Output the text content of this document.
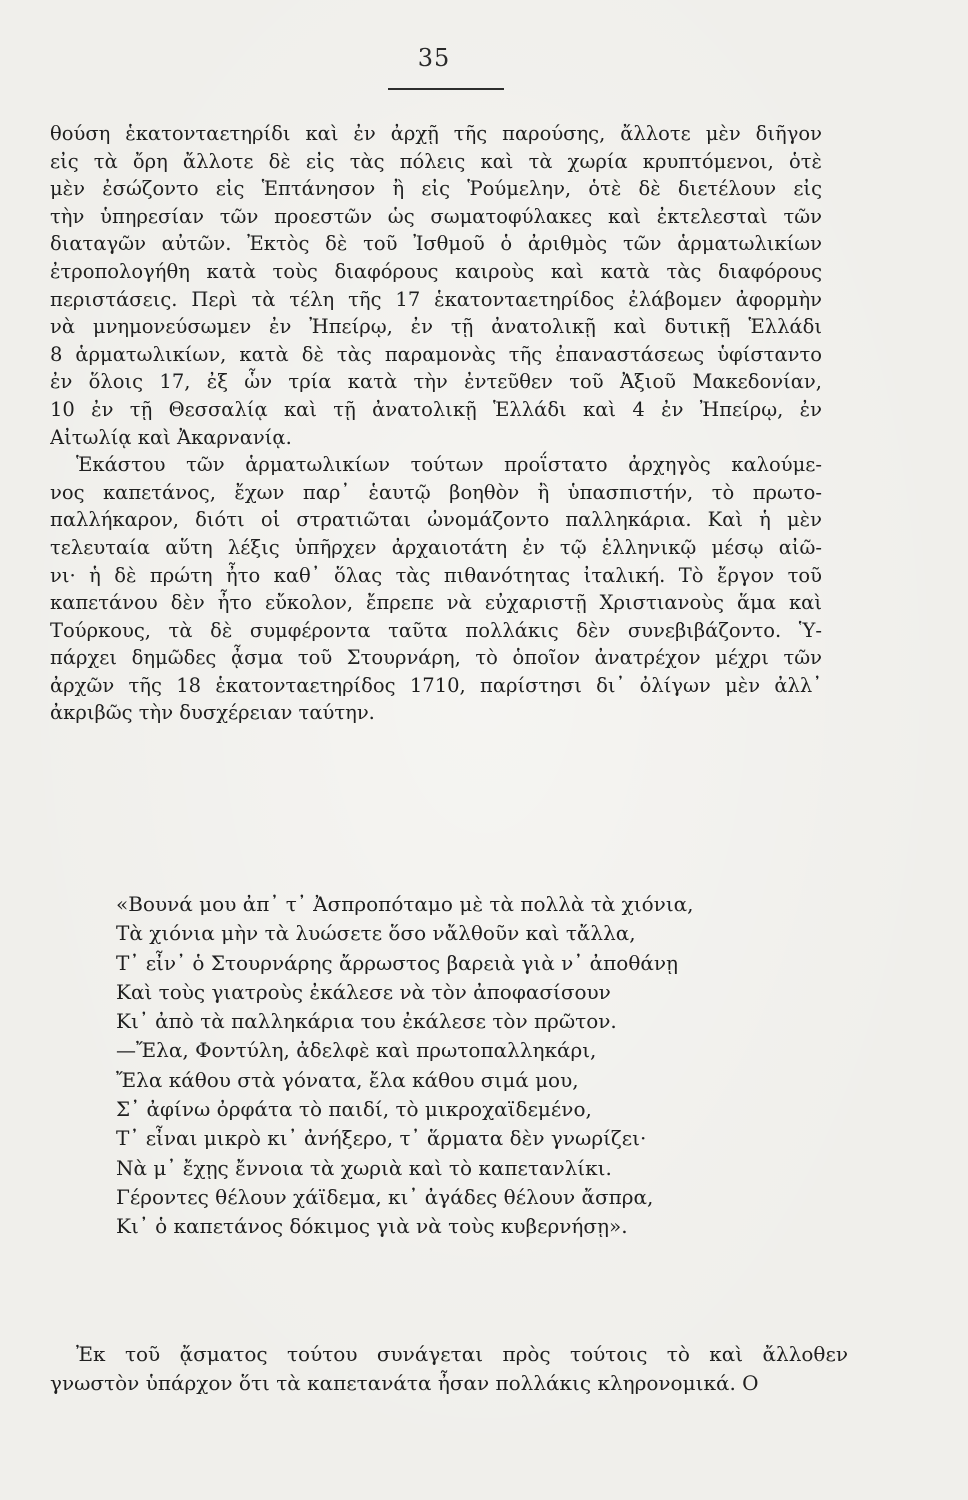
35
θούση ἑκατονταετηρίδι καὶ ἐν ἀρχῇ τῆς παρούσης, ἄλλοτε μὲν διῆγον
εἰς τὰ ὄρη ἄλλοτε δὲ εἰς τὰς πόλεις καὶ τὰ χωρία κρυπτόμενοι, ὁτὲ
μὲν ἐσώζοντο εἰς Ἑπτάνησον ἢ εἰς Ῥούμελην, ὁτὲ δὲ διετέλουν εἰς
τὴν ὑπηρεσίαν τῶν προεστῶν ὡς σωματοφύλακες καὶ ἐκτελεσταὶ τῶν
διαταγῶν αὐτῶν. Ἐκτὸς δὲ τοῦ Ἰσθμοῦ ὁ ἀριθμὸς τῶν ἁρματωλικίων
ἐτροπολογήθη κατὰ τοὺς διαφόρους καιροὺς καὶ κατὰ τὰς διαφόρους
περιστάσεις. Περὶ τὰ τέλη τῆς 17 ἑκατονταετηρίδος ἐλάβομεν ἀφορμὴν
νὰ μνημονεύσωμεν ἐν Ἠπείρῳ, ἐν τῇ ἀνατολικῇ καὶ δυτικῇ Ἑλλάδι
8 ἁρματωλικίων, κατὰ δὲ τὰς παραμονὰς τῆς ἐπαναστάσεως ὑφίσταντο
ἐν ὅλοις 17, ἐξ ὧν τρία κατὰ τὴν ἐντεῦθεν τοῦ Ἀξιοῦ Μακεδονίαν,
10 ἐν τῇ Θεσσαλίᾳ καὶ τῇ ἀνατολικῇ Ἑλλάδι καὶ 4 ἐν Ἠπείρῳ, ἐν
Αἰτωλίᾳ καὶ Ἀκαρνανίᾳ.
Ἑκάστου τῶν ἁρματωλικίων τούτων προΐστατο ἀρχηγὸς καλούμε-
νος καπετάνος, ἔχων παρ᾽ ἑαυτῷ βοηθὸν ἢ ὑπασπιστήν, τὸ πρωτο-
παλλήκαρον, διότι οἱ στρατιῶται ὠνομάζοντο παλληκάρια. Καὶ ἡ μὲν
τελευταία αὕτη λέξις ὑπῆρχεν ἀρχαιοτάτη ἐν τῷ ἑλληνικῷ μέσῳ αἰῶ-
νι· ἡ δὲ πρώτη ἦτο καθ᾽ ὅλας τὰς πιθανότητας ἰταλική. Τὸ ἔργον τοῦ
καπετάνου δὲν ἦτο εὔκολον, ἔπρεπε νὰ εὐχαριστῇ Χριστιανοὺς ἅμα καὶ
Τούρκους, τὰ δὲ συμφέροντα ταῦτα πολλάκις δὲν συνεβιβάζοντο. Ὑ-
πάρχει δημῶδες ᾆσμα τοῦ Στουρνάρη, τὸ ὁποῖον ἀνατρέχον μέχρι τῶν
ἀρχῶν τῆς 18 ἑκατονταετηρίδος 1710, παρίστησι δι᾽ ὀλίγων μὲν ἀλλ᾽
ἀκριβῶς τὴν δυσχέρειαν ταύτην.
«Βουνά μου ἀπ᾽ τ᾽ Ἀσπροπόταμο μὲ τὰ πολλὰ τὰ χιόνια,
Τὰ χιόνια μὴν τὰ λυώσετε ὅσο νἄλθοῦν καὶ τἄλλα,
Τ᾽ εἶν᾽ ὁ Στουρνάρης ἄρρωστος βαρειὰ γιὰ ν᾽ ἀποθάνῃ
Καὶ τοὺς γιατροὺς ἐκάλεσε νὰ τὸν ἀποφασίσουν
Κι᾽ ἀπὸ τὰ παλληκάρια του ἐκάλεσε τὸν πρῶτον.
—Ἔλα, Φοντύλη, ἀδελφὲ καὶ πρωτοπαλληκάρι,
Ἔλα κάθου στὰ γόνατα, ἔλα κάθου σιμά μου,
Σ᾽ ἀφίνω ὀρφάτα τὸ παιδί, τὸ μικροχαϊδεμένο,
Τ᾽ εἶναι μικρὸ κι᾽ ἀνήξερο, τ᾽ ἅρματα δὲν γνωρίζει·
Νὰ μ᾽ ἔχῃς ἔννοια τὰ χωριὰ καὶ τὸ καπετανλίκι.
Γέροντες θέλουν χάϊδεμα, κι᾽ ἀγάδες θέλουν ἄσπρα,
Κι᾽ ὁ καπετάνος δόκιμος γιὰ νὰ τοὺς κυβερνήσῃ».
Ἐκ τοῦ ᾄσματος τούτου συνάγεται πρὸς τούτοις τὸ καὶ ἄλλοθεν
γνωστὸν ὑπάρχον ὅτι τὰ καπετανάτα ἦσαν πολλάκις κληρονομικά. Ο
